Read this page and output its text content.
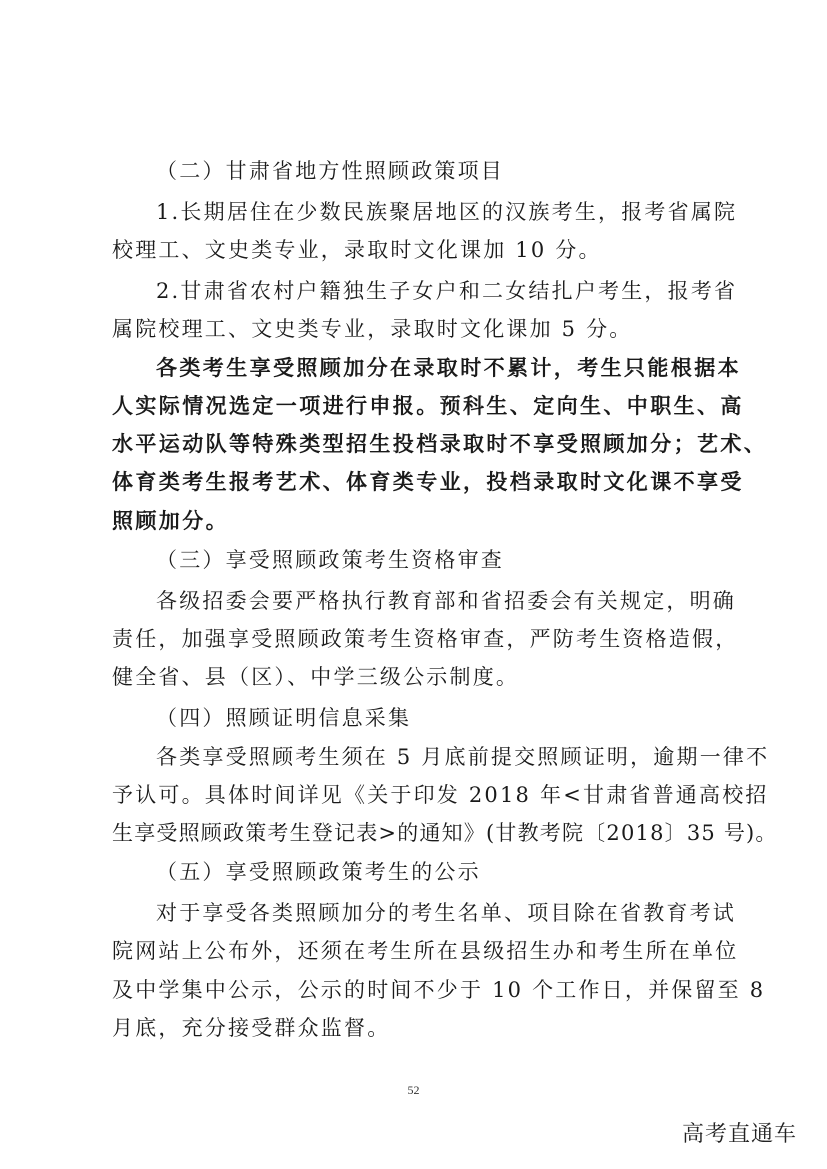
（二）甘肃省地方性照顾政策项目
1.长期居住在少数民族聚居地区的汉族考生，报考省属院
校理工、文史类专业，录取时文化课加 10 分。
2.甘肃省农村户籍独生子女户和二女结扎户考生，报考省
属院校理工、文史类专业，录取时文化课加 5 分。
各类考生享受照顾加分在录取时不累计，考生只能根据本
人实际情况选定一项进行申报。预科生、定向生、中职生、高
水平运动队等特殊类型招生投档录取时不享受照顾加分；艺术、
体育类考生报考艺术、体育类专业，投档录取时文化课不享受
照顾加分。
（三）享受照顾政策考生资格审查
各级招委会要严格执行教育部和省招委会有关规定，明确
责任，加强享受照顾政策考生资格审查，严防考生资格造假，
健全省、县（区）、中学三级公示制度。
（四）照顾证明信息采集
各类享受照顾考生须在 5 月底前提交照顾证明，逾期一律不
予认可。具体时间详见《关于印发 2018 年<甘肃省普通高校招
生享受照顾政策考生登记表>的通知》(甘教考院〔2018〕35 号)。
（五）享受照顾政策考生的公示
对于享受各类照顾加分的考生名单、项目除在省教育考试
院网站上公布外，还须在考生所在县级招生办和考生所在单位
及中学集中公示，公示的时间不少于 10 个工作日，并保留至 8
月底，充分接受群众监督。
52
高考直通车
